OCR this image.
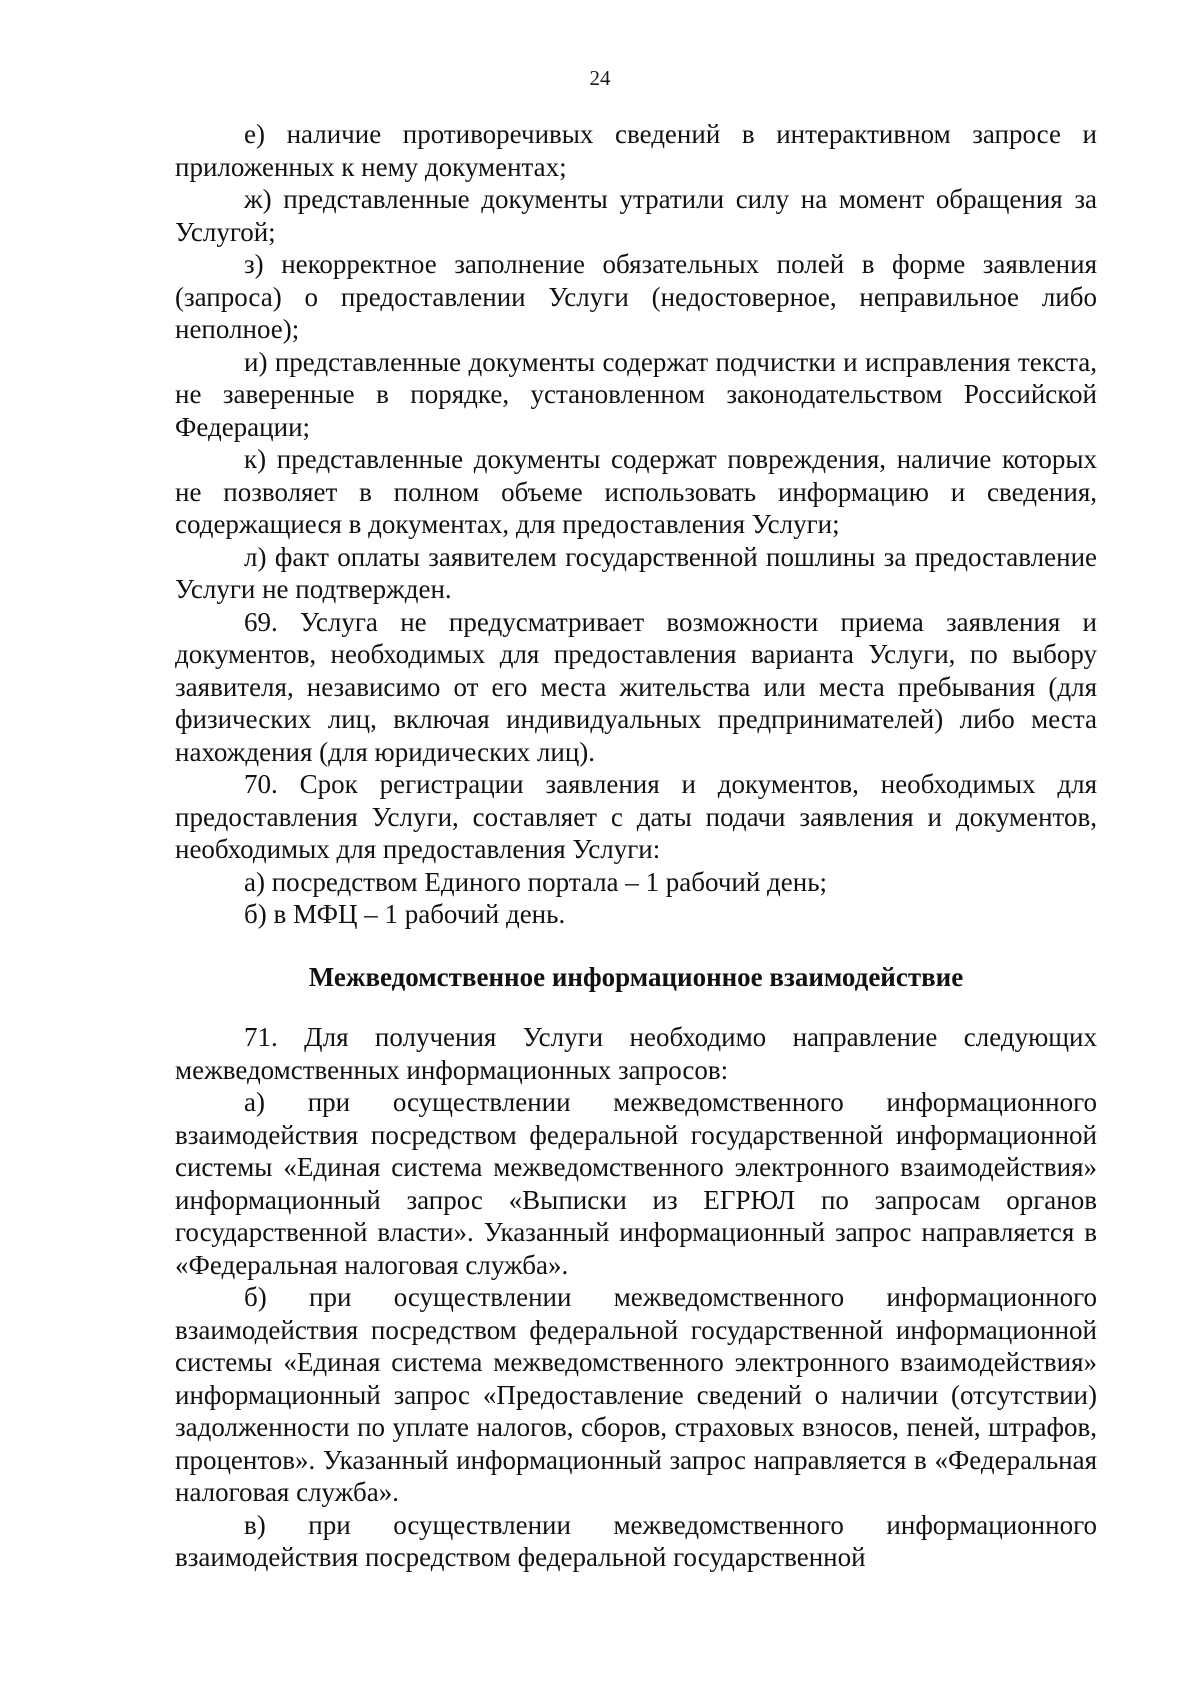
24

е) наличие противоречивых сведений в интерактивном запросе и приложенных к нему документах;

ж) представленные документы утратили силу на момент обращения за Услугой;

з) некорректное заполнение обязательных полей в форме заявления (запроса) о предоставлении Услуги (недостоверное, неправильное либо неполное);

и) представленные документы содержат подчистки и исправления текста, не заверенные в порядке, установленном законодательством Российской Федерации;

к) представленные документы содержат повреждения, наличие которых не позволяет в полном объеме использовать информацию и сведения, содержащиеся в документах, для предоставления Услуги;

л) факт оплаты заявителем государственной пошлины за предоставление Услуги не подтвержден.

69. Услуга не предусматривает возможности приема заявления и документов, необходимых для предоставления варианта Услуги, по выбору заявителя, независимо от его места жительства или места пребывания (для физических лиц, включая индивидуальных предпринимателей) либо места нахождения (для юридических лиц).

70. Срок регистрации заявления и документов, необходимых для предоставления Услуги, составляет с даты подачи заявления и документов, необходимых для предоставления Услуги:

а) посредством Единого портала – 1 рабочий день;

б) в МФЦ – 1 рабочий день.

Межведомственное информационное взаимодействие

71. Для получения Услуги необходимо направление следующих межведомственных информационных запросов:

а) при осуществлении межведомственного информационного взаимодействия посредством федеральной государственной информационной системы «Единая система межведомственного электронного взаимодействия» информационный запрос «Выписки из ЕГРЮЛ по запросам органов государственной власти». Указанный информационный запрос направляется в «Федеральная налоговая служба».

б) при осуществлении межведомственного информационного взаимодействия посредством федеральной государственной информационной системы «Единая система межведомственного электронного взаимодействия» информационный запрос «Предоставление сведений о наличии (отсутствии) задолженности по уплате налогов, сборов, страховых взносов, пеней, штрафов, процентов». Указанный информационный запрос направляется в «Федеральная налоговая служба».

в) при осуществлении межведомственного информационного взаимодействия посредством федеральной государственной
